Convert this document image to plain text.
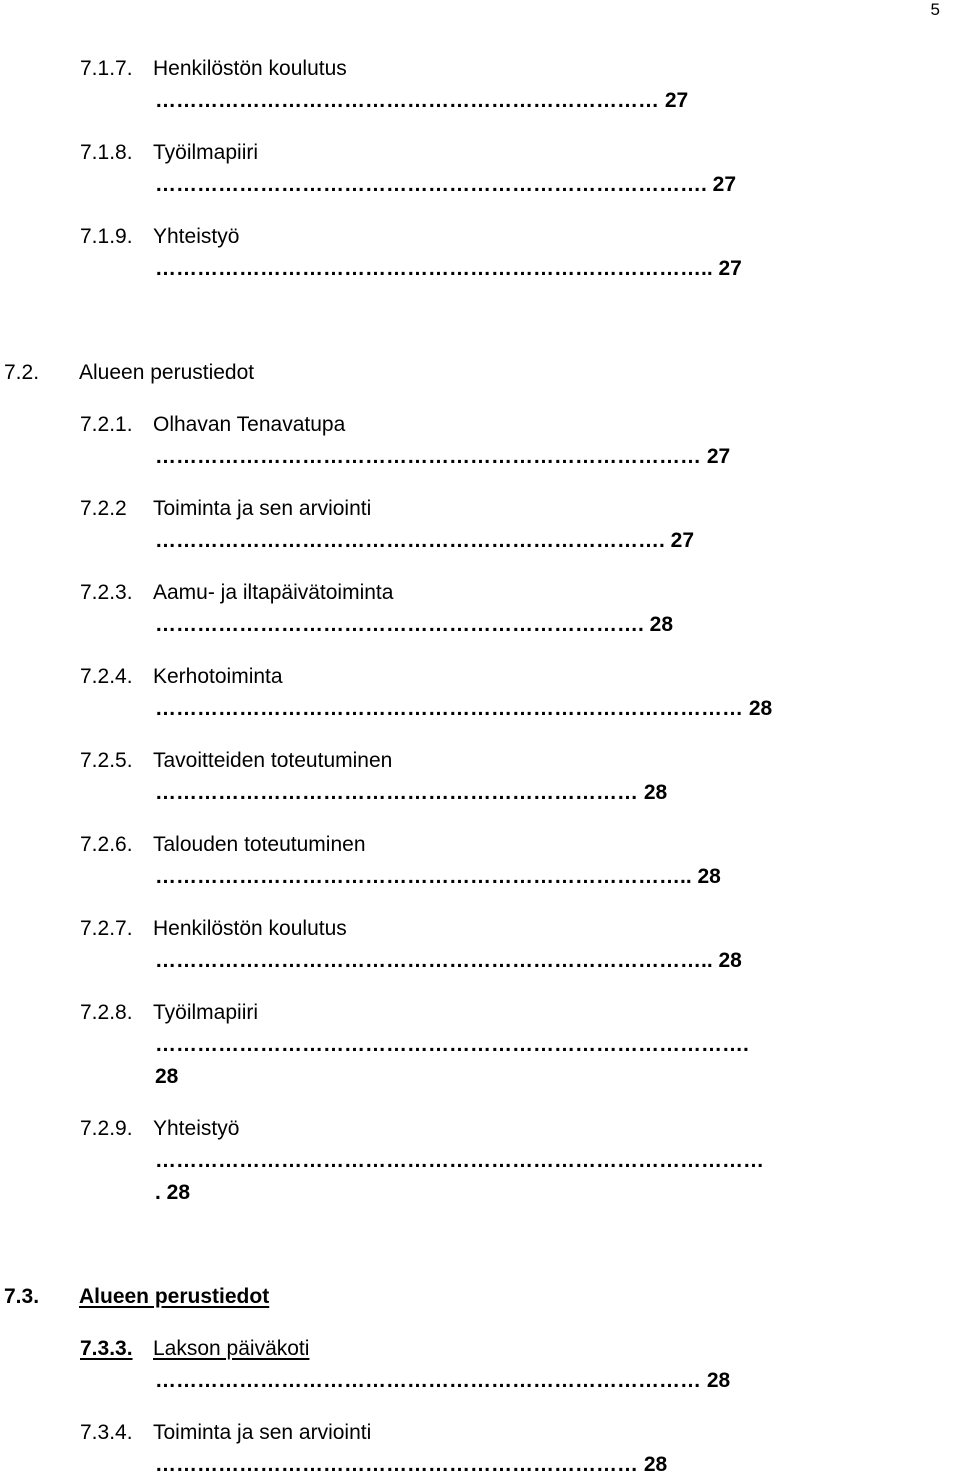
5
7.1.7. Henkilöstön koulutus
……………………………………………………………… 27
7.1.8. Työilmapiiri
……………………………………………………………………. 27
7.1.9. Yhteistyö
…………………………………………………………………….. 27
7.2. Alueen perustiedot
7.2.1. Olhavan Tenavatupa
…………………………………………………………………… 27
7.2.2 Toiminta ja sen arviointi
………………………………………………………………. 27
7.2.3. Aamu- ja iltapäivätoiminta
……………………………………………………………. 28
7.2.4. Kerhotoiminta
………………………………………………………………………… 28
7.2.5. Tavoitteiden toteutuminen
…………………………………………………………… 28
7.2.6. Talouden toteutuminen
………………………………………………………………….. 28
7.2.7. Henkilöstön koulutus
…………………………………………………………………….. 28
7.2.8. Työilmapiiri
………………………………………………………………………….
28
7.2.9. Yhteistyö
……………………………………………………………………………
. 28
7.3. Alueen perustiedot
7.3.3. Lakson päiväkoti
…………………………………………………………………… 28
7.3.4. Toiminta ja sen arviointi
…………………………………………………………… 28
